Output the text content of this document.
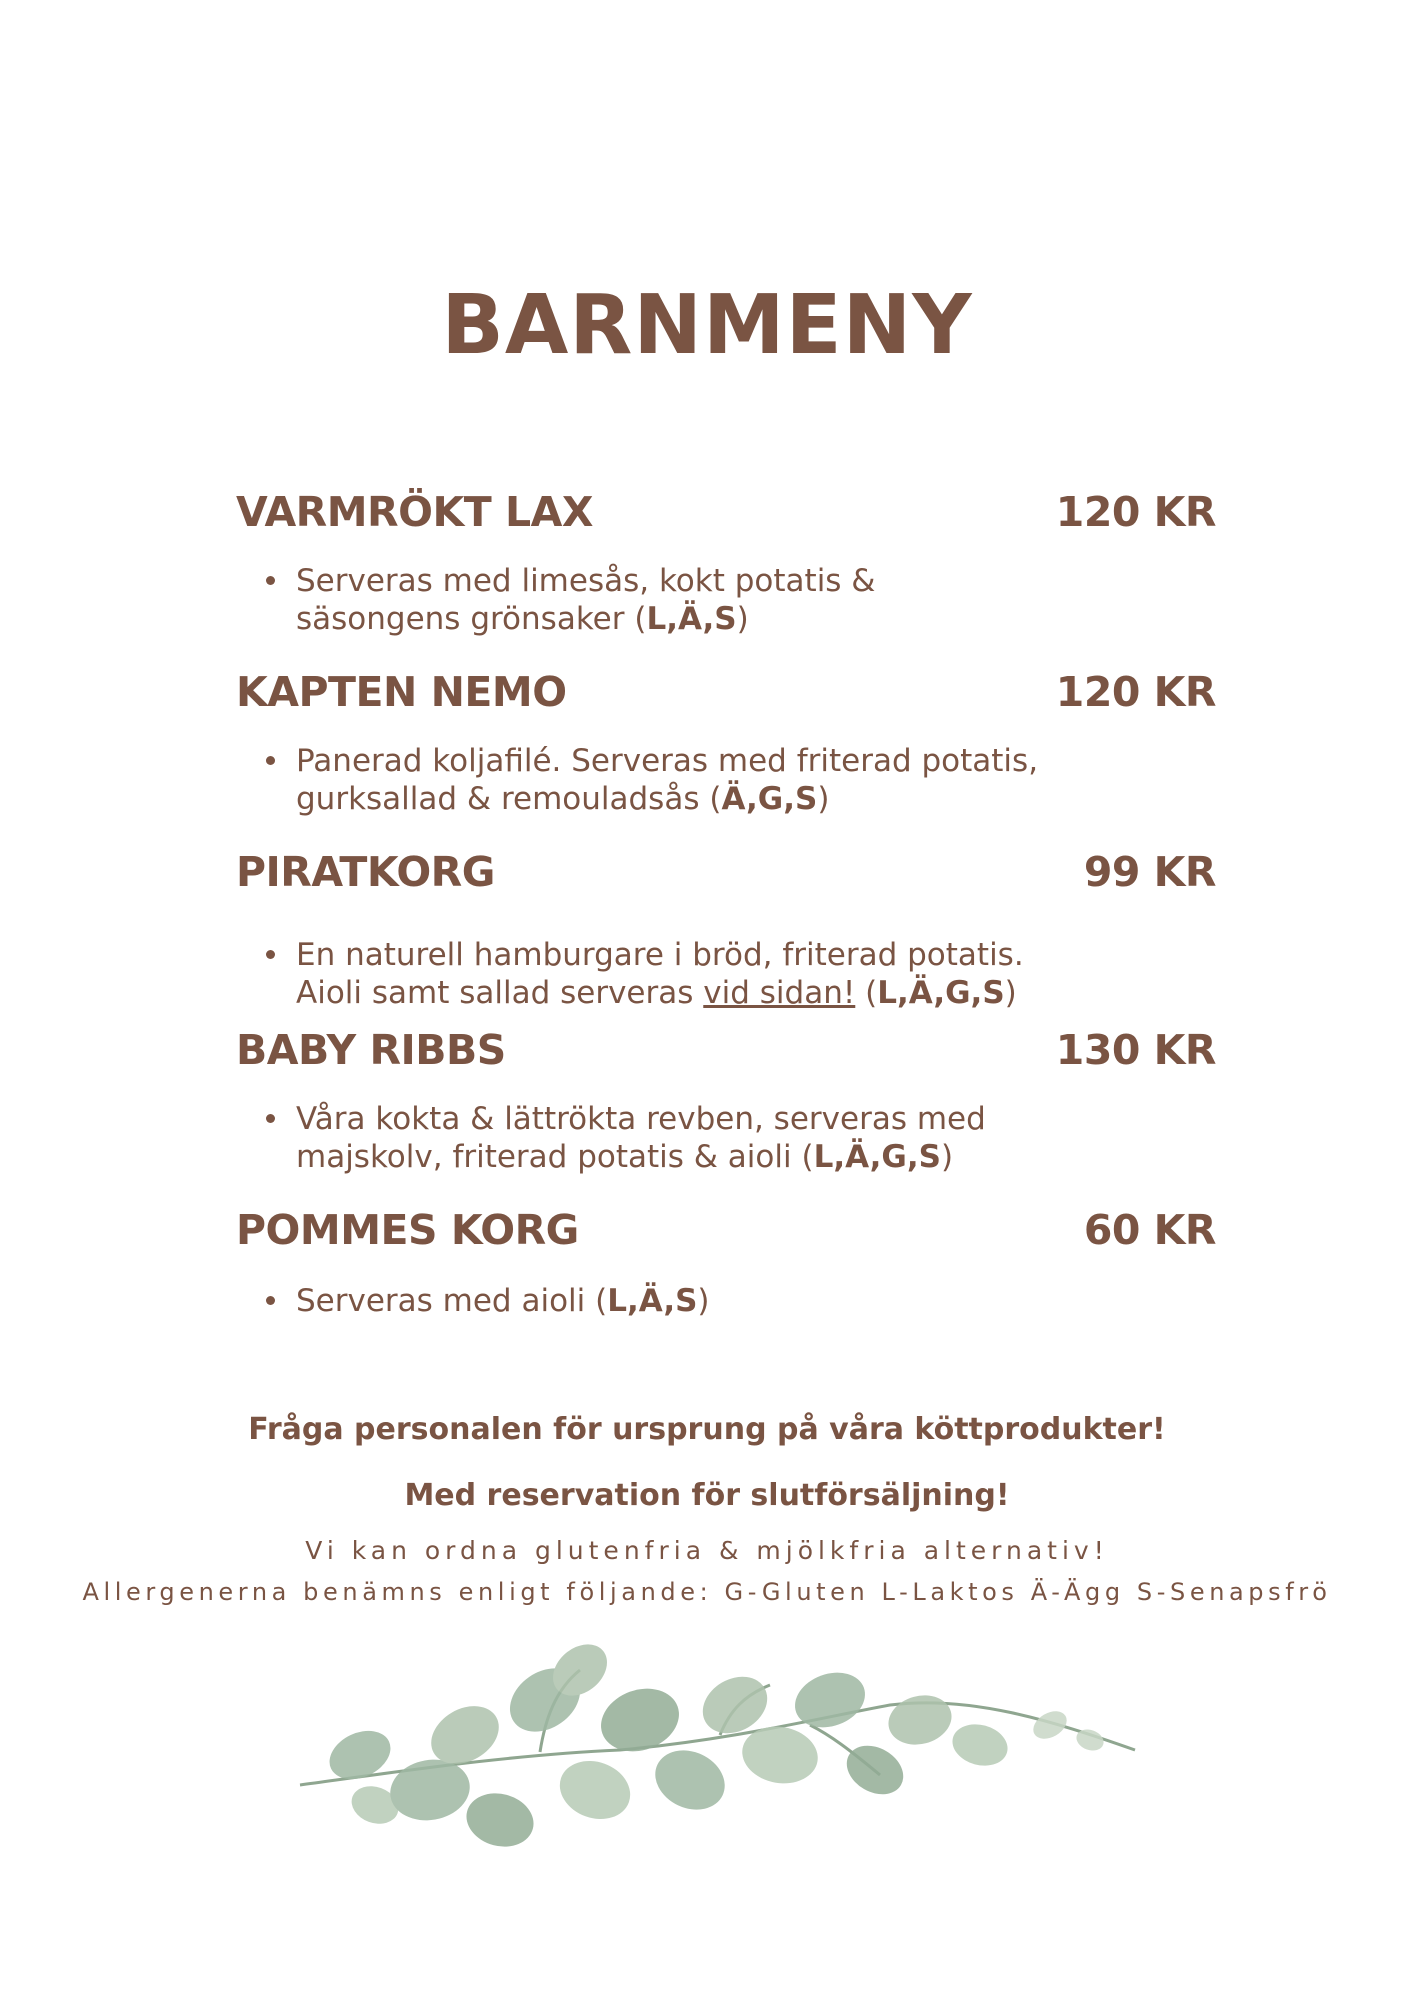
BARNMENY
VARMRÖKT LAX	120 KR
Serveras med limesås, kokt potatis &
säsongens grönsaker (L,Ä,S)
KAPTEN NEMO	120 KR
Panerad koljafilé. Serveras med friterad potatis,
gurksallad & remouladsås (Ä,G,S)
PIRATKORG	99 KR
En naturell hamburgare i bröd, friterad potatis.
Aioli samt sallad serveras vid sidan! (L,Ä,G,S)
BABY RIBBS	130 KR
Våra kokta & lättrökta revben, serveras med
majskolv, friterad potatis & aioli (L,Ä,G,S)
POMMES KORG	60 KR
Serveras med aioli (L,Ä,S)
Fråga personalen för ursprung på våra köttprodukter!
Med reservation för slutförsäljning!
Vi kan ordna glutenfria & mjölkfria alternativ!
Allergenerna benämns enligt följande: G-Gluten L-Laktos Ä-Ägg S-Senapsfrö
